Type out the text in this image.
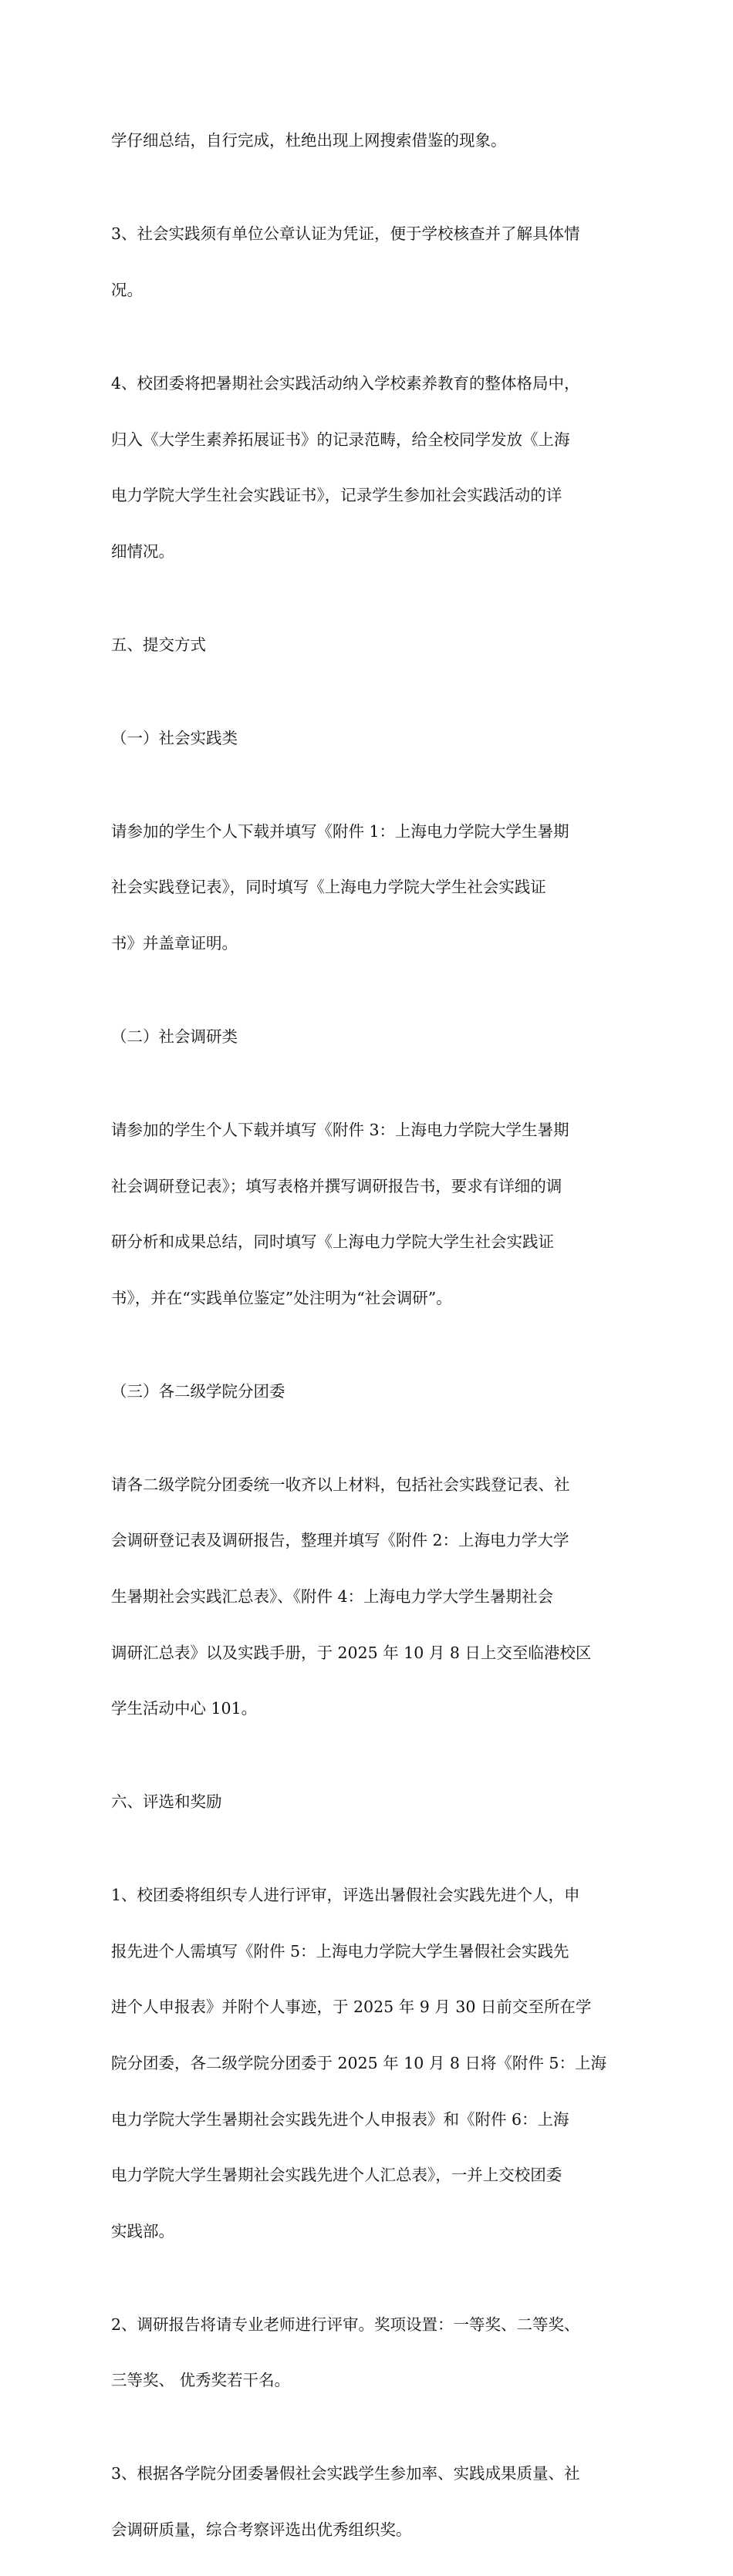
学仔细总结，自行完成，杜绝出现上网搜索借鉴的现象。

3、社会实践须有单位公章认证为凭证，便于学校核查并了解具体情

况。

4、校团委将把暑期社会实践活动纳入学校素养教育的整体格局中，

归入《大学生素养拓展证书》的记录范畴，给全校同学发放《上海

电力学院大学生社会实践证书》，记录学生参加社会实践活动的详

细情况。

五、提交方式

（一）社会实践类

请参加的学生个人下载并填写《附件 1：上海电力学院大学生暑期

社会实践登记表》，同时填写《上海电力学院大学生社会实践证

书》并盖章证明。

（二）社会调研类

请参加的学生个人下载并填写《附件 3：上海电力学院大学生暑期

社会调研登记表》；填写表格并撰写调研报告书，要求有详细的调

研分析和成果总结，同时填写《上海电力学院大学生社会实践证

书》，并在“实践单位鉴定”处注明为“社会调研”。

（三）各二级学院分团委

请各二级学院分团委统一收齐以上材料，包括社会实践登记表、社

会调研登记表及调研报告，整理并填写《附件 2：上海电力学大学

生暑期社会实践汇总表》、《附件 4：上海电力学大学生暑期社会

调研汇总表》以及实践手册，于 2025 年 10 月 8 日上交至临港校区

学生活动中心 101。

六、评选和奖励

1、校团委将组织专人进行评审，评选出暑假社会实践先进个人，申

报先进个人需填写《附件 5：上海电力学院大学生暑假社会实践先

进个人申报表》并附个人事迹，于 2025 年 9 月 30 日前交至所在学

院分团委，各二级学院分团委于 2025 年 10 月 8 日将《附件 5：上海

电力学院大学生暑期社会实践先进个人申报表》和《附件 6：上海

电力学院大学生暑期社会实践先进个人汇总表》，一并上交校团委

实践部。

2、调研报告将请专业老师进行评审。奖项设置：一等奖、二等奖、

三等奖、 优秀奖若干名。

3、根据各学院分团委暑假社会实践学生参加率、实践成果质量、社

会调研质量，综合考察评选出优秀组织奖。
